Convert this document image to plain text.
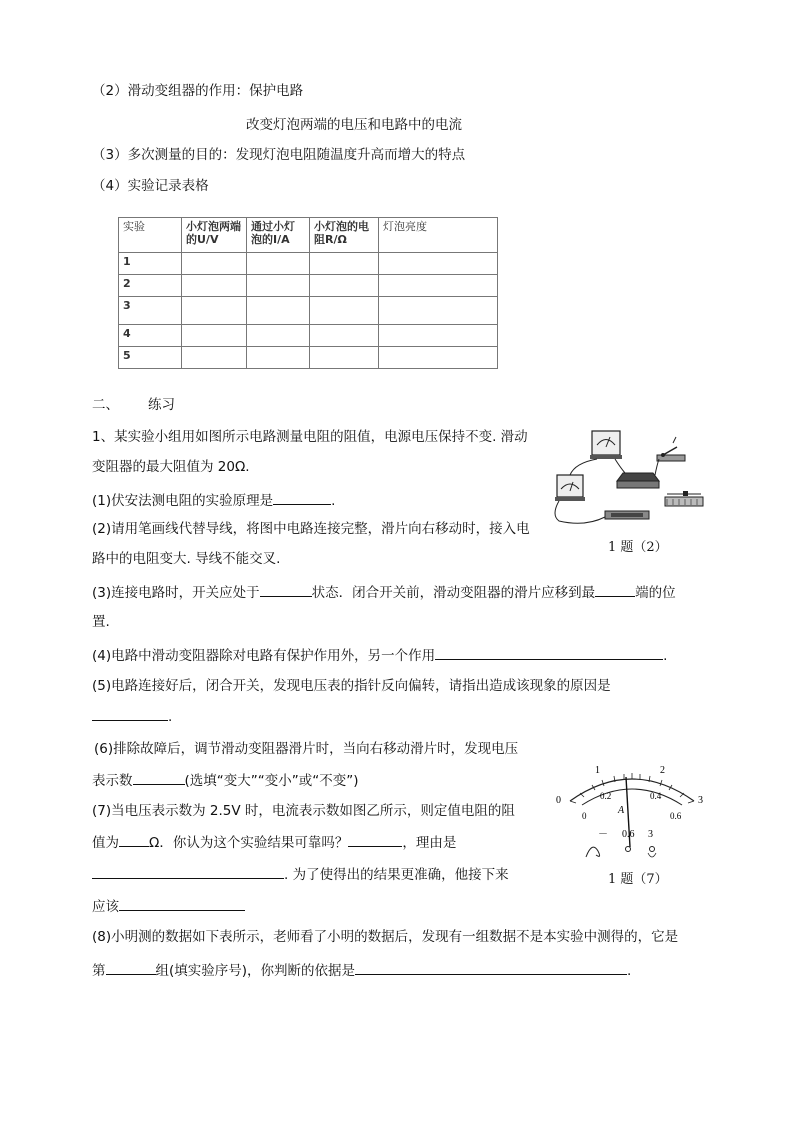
（2）滑动变组器的作用：保护电路
改变灯泡两端的电压和电路中的电流
（3）多次测量的目的：发现灯泡电阻随温度升高而增大的特点
（4）实验记录表格
实验	小灯泡两端的U/V	通过小灯泡的I/A	小灯泡的电阻R/Ω	灯泡亮度
1				
2				
3				
4				
5				
二、 练习
1、某实验小组用如图所示电路测量电阻的阻值，电源电压保持不变. 滑动
变阻器的最大阻值为 20Ω.
(1)伏安法测电阻的实验原理是	.
(2)请用笔画线代替导线，将图中电路连接完整，滑片向右移动时，接入电
路中的电阻变大. 导线不能交叉.
(3)连接电路时，开关应处于	状态．闭合开关前，滑动变阻器的滑片应移到最	端的位
置.
(4)电路中滑动变阻器除对电路有保护作用外，另一个作用	.
(5)电路连接好后，闭合开关，发现电压表的指针反向偏转，请指出造成该现象的原因是
.
(6)排除故障后，调节滑动变阻器滑片时，当向右移动滑片时，发现电压
表示数	(选填“变大”“变小”或“不变”)
(7)当电压表示数为 2.5V 时，电流表示数如图乙所示，则定值电阻的阻
值为 Ω．你认为这个实验结果可靠吗？	，理由是
. 为了使得出的结果更准确，他接下来
应该
(8)小明测的数据如下表所示，老师看了小明的数据后，发现有一组数据不是本实验中测得的，它是
第	组(填实验序号)，你判断的依据是	.
1 题（2）
0
1	2
3
0
0.2	0.4
0.6
A
－ 0.6 3
1 题（7）
